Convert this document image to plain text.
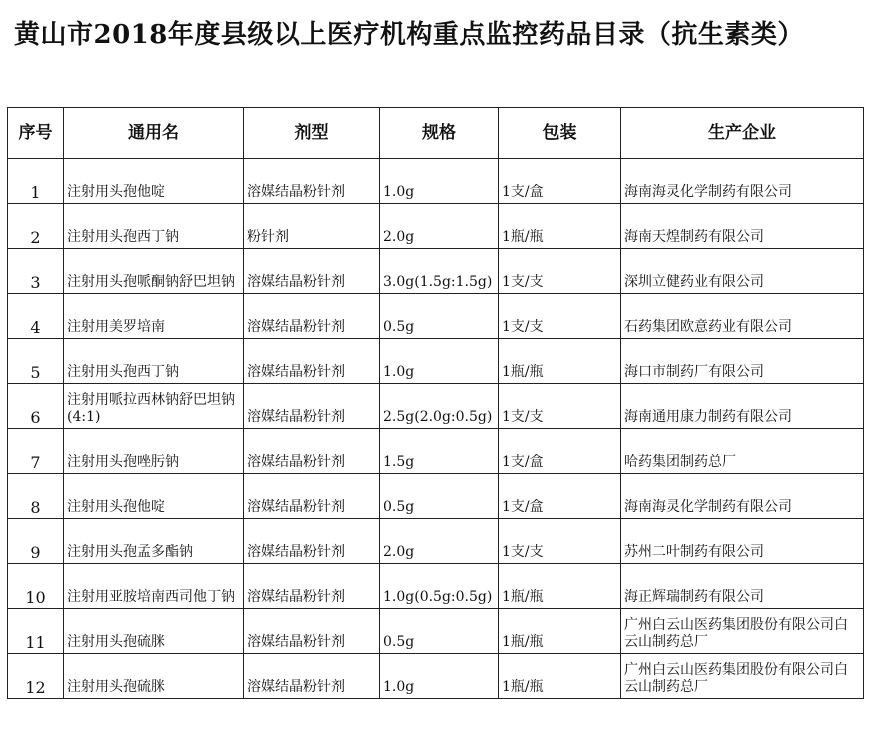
黄山市2018年度县级以上医疗机构重点监控药品目录（抗生素类）
序号	通用名	剂型	规格	包装	生产企业
1	注射用头孢他啶	溶媒结晶粉针剂	1.0g	1支/盒	海南海灵化学制药有限公司
2	注射用头孢西丁钠	粉针剂	2.0g	1瓶/瓶	海南天煌制药有限公司
3	注射用头孢哌酮钠舒巴坦钠	溶媒结晶粉针剂	3.0g(1.5g:1.5g)	1支/支	深圳立健药业有限公司
4	注射用美罗培南	溶媒结晶粉针剂	0.5g	1支/支	石药集团欧意药业有限公司
5	注射用头孢西丁钠	溶媒结晶粉针剂	1.0g	1瓶/瓶	海口市制药厂有限公司
6	注射用哌拉西林钠舒巴坦钠(4:1)	溶媒结晶粉针剂	2.5g(2.0g:0.5g)	1支/支	海南通用康力制药有限公司
7	注射用头孢唑肟钠	溶媒结晶粉针剂	1.5g	1支/盒	哈药集团制药总厂
8	注射用头孢他啶	溶媒结晶粉针剂	0.5g	1支/盒	海南海灵化学制药有限公司
9	注射用头孢孟多酯钠	溶媒结晶粉针剂	2.0g	1支/支	苏州二叶制药有限公司
10	注射用亚胺培南西司他丁钠	溶媒结晶粉针剂	1.0g(0.5g:0.5g)	1瓶/瓶	海正辉瑞制药有限公司
11	注射用头孢硫脒	溶媒结晶粉针剂	0.5g	1瓶/瓶	广州白云山医药集团股份有限公司白云山制药总厂
12	注射用头孢硫脒	溶媒结晶粉针剂	1.0g	1瓶/瓶	广州白云山医药集团股份有限公司白云山制药总厂
